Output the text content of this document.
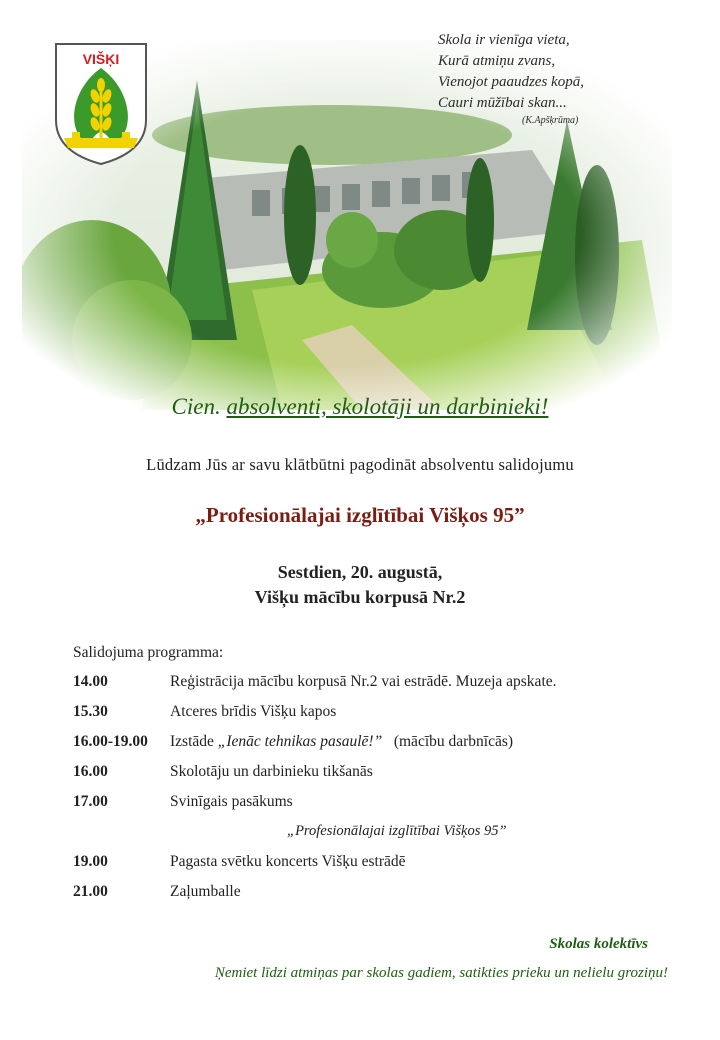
VIŠĶI
Skola ir vienīga vieta,
Kurā atmiņu zvans,
Vienojot paaudzes kopā,
Cauri mūžībai skan...
(K.Apšķrūma)
Cien. absolventi, skolotāji un darbinieki!
Lūdzam Jūs ar savu klātbūtni pagodināt absolventu salidojumu
„Profesionālajai izglītībai Višķos 95”
Sestdien, 20. augustā,
Višķu mācību korpusā Nr.2
Salidojuma programma:
14.00	Reģistrācija mācību korpusā Nr.2 vai estrādē. Muzeja apskate.
15.30	Atceres brīdis Višķu kapos
16.00-19.00	Izstāde „Ienāc tehnikas pasaulē!”   (mācību darbnīcās)
16.00	Skolotāju un darbinieku tikšanās
17.00	Svinīgais pasākums
„Profesionālajai izglītībai Višķos 95”
19.00	Pagasta svētku koncerts Višķu estrādē
21.00	Zaļumballe
Skolas kolektīvs
Ņemiet līdzi atmiņas par skolas gadiem, satikties prieku un nelielu groziņu!
